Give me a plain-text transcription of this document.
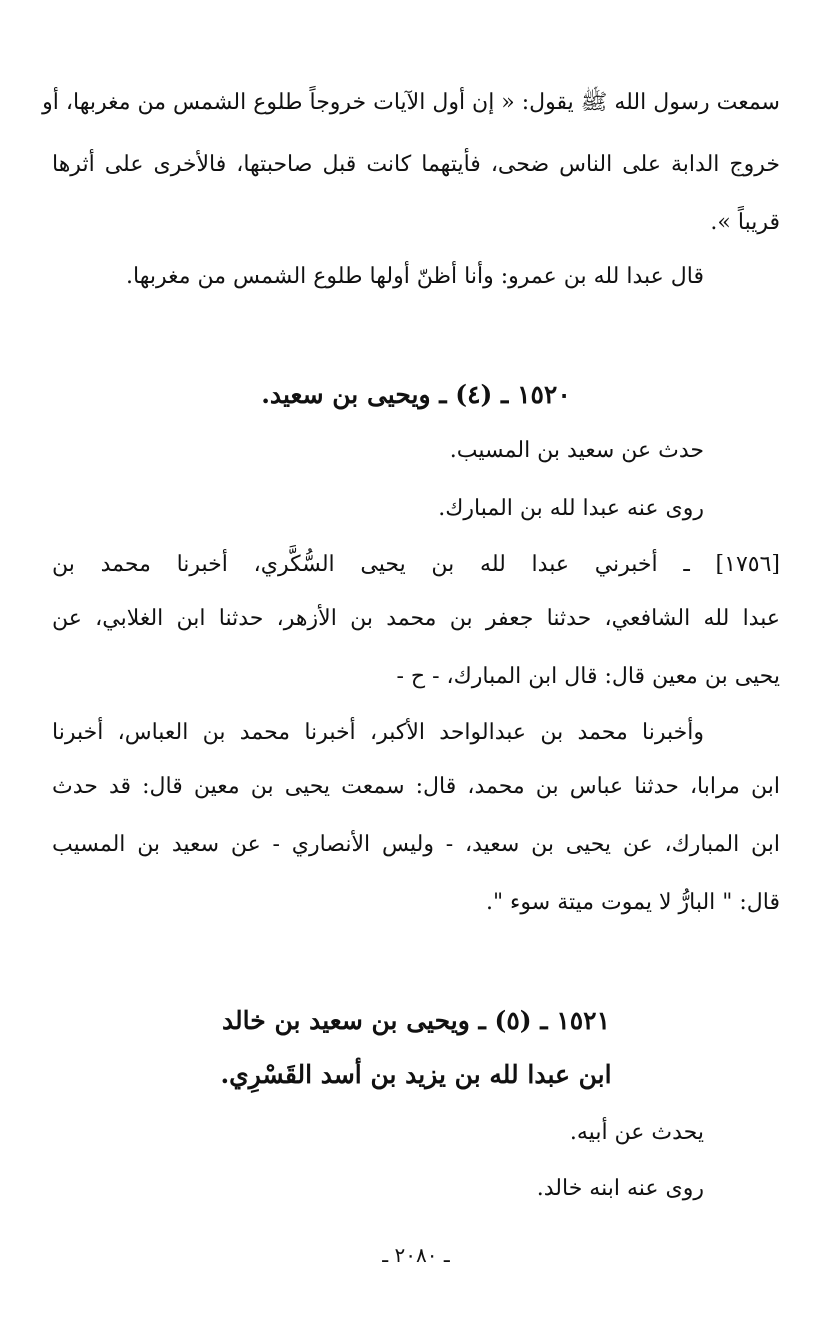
سمعت رسول الله ﷺ يقول: « إن أول الآيات خروجاً طلوع الشمس من مغربها، أو
خروج الدابة على الناس ضحى، فأيتهما كانت قبل صاحبتها، فالأخرى على أثرها
قريباً ».
قال عبدا لله بن عمرو: وأنا أظنّ أولها طلوع الشمس من مغربها.
١٥٢٠ ـ (٤) ـ ويحيى بن سعيد.
حدث عن سعيد بن المسيب.
روى عنه عبدا لله بن المبارك.
[١٧٥٦] ـ أخبرني عبدا لله بن يحيى السُّكَّري، أخبرنا محمد بن
عبدا لله الشافعي، حدثنا جعفر بن محمد بن الأزهر، حدثنا ابن الغلابي، عن
يحيى بن معين قال: قال ابن المبارك، - ح -
وأخبرنا محمد بن عبدالواحد الأكبر، أخبرنا محمد بن العباس، أخبرنا
ابن مرابا، حدثنا عباس بن محمد، قال: سمعت يحيى بن معين قال: قد حدث
ابن المبارك، عن يحيى بن سعيد، - وليس الأنصاري - عن سعيد بن المسيب
قال: " البارُّ لا يموت ميتة سوء ".
١٥٢١ ـ (٥) ـ ويحيى بن سعيد بن خالد
ابن عبدا لله بن يزيد بن أسد القَسْرِي.
يحدث عن أبيه.
روى عنه ابنه خالد.
ـ ٢٠٨٠ ـ
